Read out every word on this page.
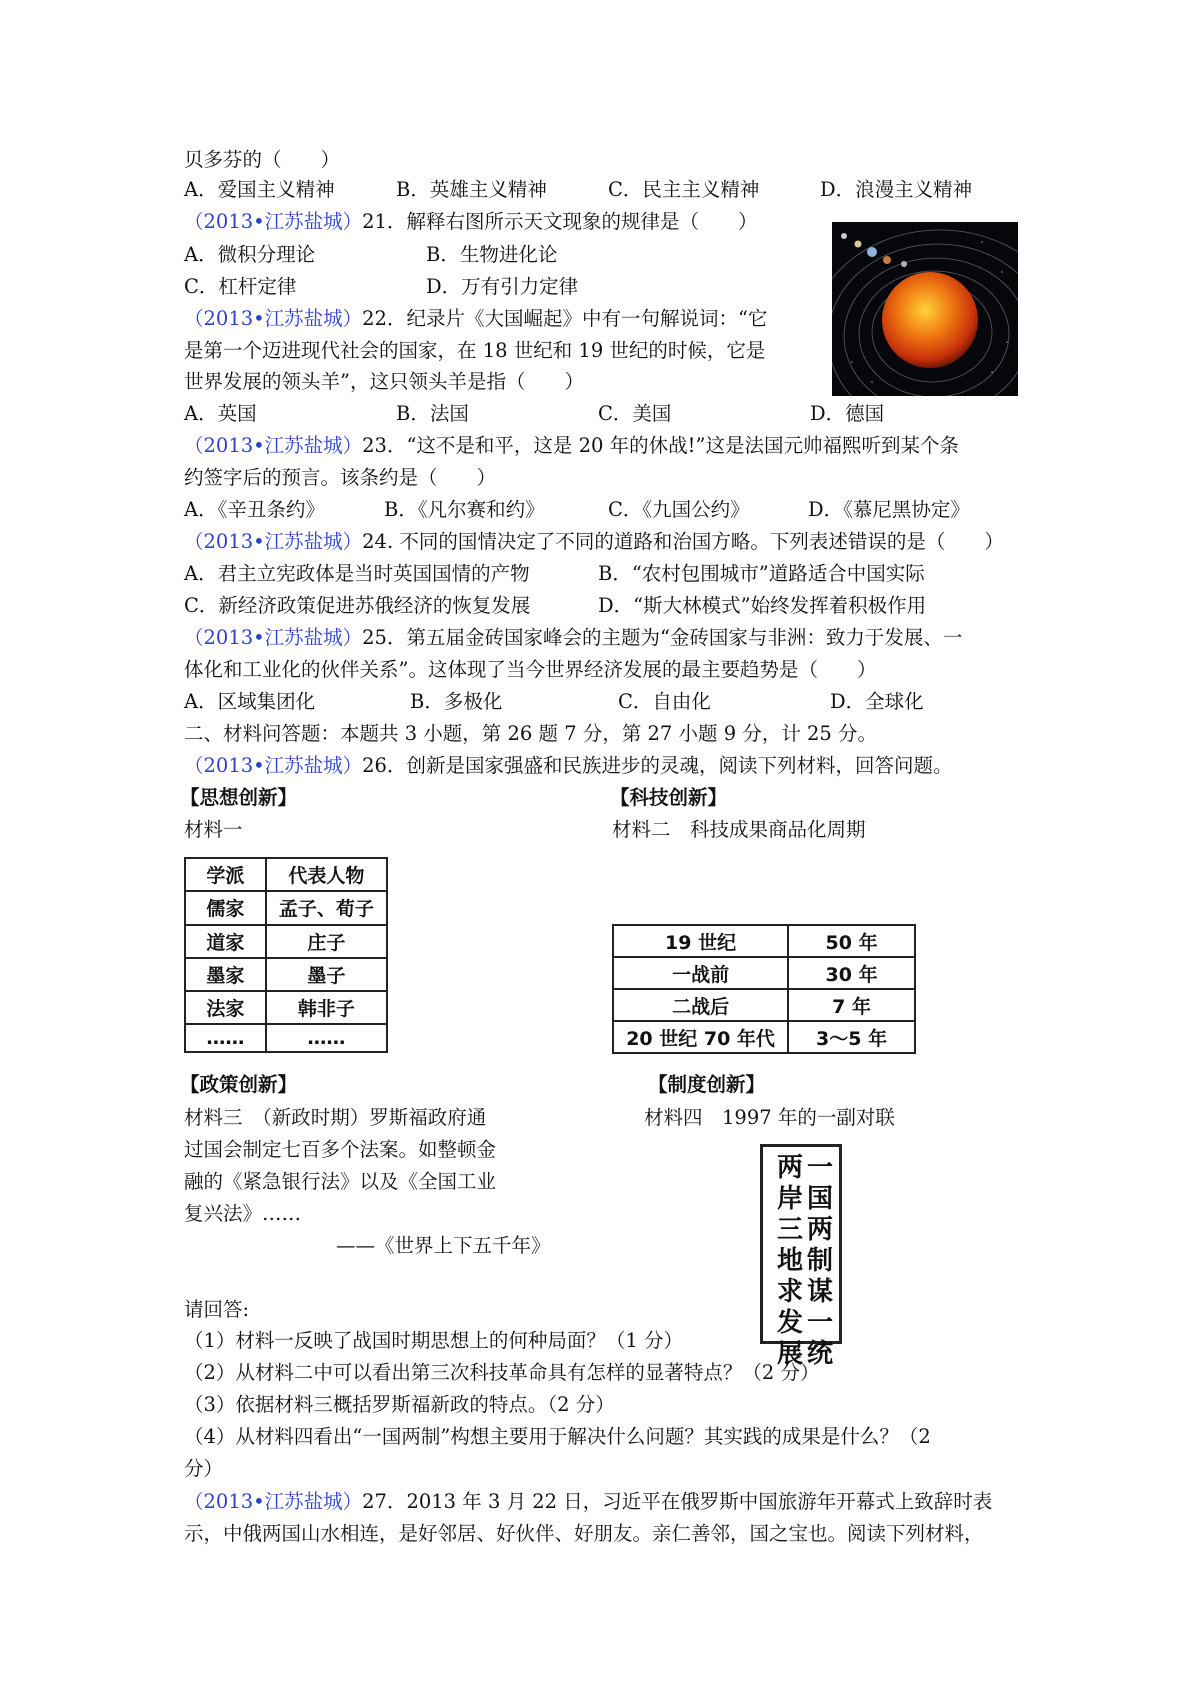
贝多芬的（　　）
A．爱国主义精神	B．英雄主义精神	C．民主主义精神	D．浪漫主义精神
（2013•江苏盐城）21．解释右图所示天文现象的规律是（　　）
A．微积分理论	B．生物进化论
C．杠杆定律	D．万有引力定律
（2013•江苏盐城）22．纪录片《大国崛起》中有一句解说词：“它
是第一个迈进现代社会的国家，在 18 世纪和 19 世纪的时候，它是
世界发展的领头羊”，这只领头羊是指（　　）
A．英国	B．法国	C．美国	D．德国
（2013•江苏盐城）23．“这不是和平，这是 20 年的休战!”这是法国元帅福熙听到某个条
约签字后的预言。该条约是（　　）
A．《辛丑条约》	B．《凡尔赛和约》	C．《九国公约》	D．《慕尼黑协定》
（2013•江苏盐城）24. 不同的国情决定了不同的道路和治国方略。下列表述错误的是（　　）
A．君主立宪政体是当时英国国情的产物	B．“农村包围城市”道路适合中国实际
C．新经济政策促进苏俄经济的恢复发展	D．“斯大林模式”始终发挥着积极作用
（2013•江苏盐城）25．第五届金砖国家峰会的主题为“金砖国家与非洲：致力于发展、一
体化和工业化的伙伴关系”。这体现了当今世界经济发展的最主要趋势是（　　）
A．区域集团化	B．多极化	C．自由化	D．全球化
二、材料问答题：本题共 3 小题，第 26 题 7 分，第 27 小题 9 分，计 25 分。
（2013•江苏盐城）26．创新是国家强盛和民族进步的灵魂，阅读下列材料，回答问题。
【思想创新】
材料一
学派	代表人物
儒家	孟子、荀子
道家	庄子
墨家	墨子
法家	韩非子
……	……
【科技创新】
材料二　科技成果商品化周期
19 世纪	50 年
一战前	30 年
二战后	7 年
20 世纪 70 年代	3～5 年
【政策创新】
材料三　（新政时期）罗斯福政府通
过国会制定七百多个法案。如整顿金
融的《紧急银行法》以及《全国工业
复兴法》……
——《世界上下五千年》
【制度创新】
材料四　1997 年的一副对联
一
国
两
制
谋
一
统
两
岸
三
地
求
发
展
请回答:
（1）材料一反映了战国时期思想上的何种局面？（1 分）
（2）从材料二中可以看出第三次科技革命具有怎样的显著特点？（2 分）
（3）依据材料三概括罗斯福新政的特点。（2 分）
（4）从材料四看出“一国两制”构想主要用于解决什么问题？其实践的成果是什么？（2
分）
（2013•江苏盐城）27．2013 年 3 月 22 日，习近平在俄罗斯中国旅游年开幕式上致辞时表
示，中俄两国山水相连，是好邻居、好伙伴、好朋友。亲仁善邻，国之宝也。阅读下列材料，
